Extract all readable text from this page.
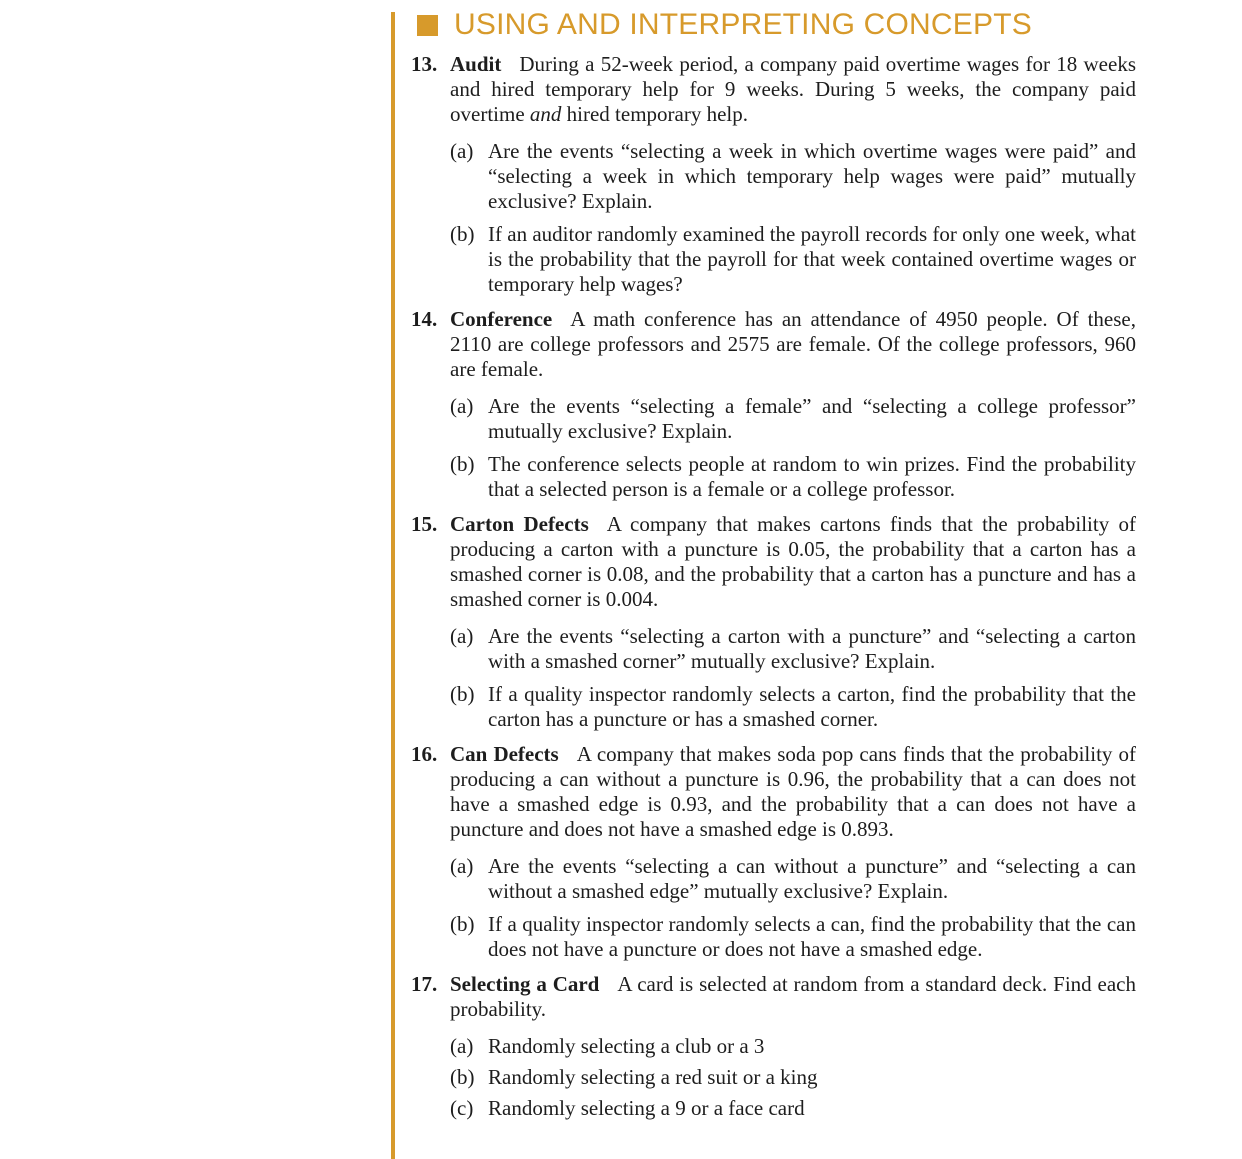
USING AND INTERPRETING CONCEPTS
13. Audit During a 52-week period, a company paid overtime wages for 18 weeks and hired temporary help for 9 weeks. During 5 weeks, the company paid overtime and hired temporary help.
(a) Are the events “selecting a week in which overtime wages were paid” and “selecting a week in which temporary help wages were paid” mutually exclusive? Explain.
(b) If an auditor randomly examined the payroll records for only one week, what is the probability that the payroll for that week contained overtime wages or temporary help wages?
14. Conference A math conference has an attendance of 4950 people. Of these, 2110 are college professors and 2575 are female. Of the college professors, 960 are female.
(a) Are the events “selecting a female” and “selecting a college professor” mutually exclusive? Explain.
(b) The conference selects people at random to win prizes. Find the probability that a selected person is a female or a college professor.
15. Carton Defects A company that makes cartons finds that the probability of producing a carton with a puncture is 0.05, the probability that a carton has a smashed corner is 0.08, and the probability that a carton has a puncture and has a smashed corner is 0.004.
(a) Are the events “selecting a carton with a puncture” and “selecting a carton with a smashed corner” mutually exclusive? Explain.
(b) If a quality inspector randomly selects a carton, find the probability that the carton has a puncture or has a smashed corner.
16. Can Defects A company that makes soda pop cans finds that the probability of producing a can without a puncture is 0.96, the probability that a can does not have a smashed edge is 0.93, and the probability that a can does not have a puncture and does not have a smashed edge is 0.893.
(a) Are the events “selecting a can without a puncture” and “selecting a can without a smashed edge” mutually exclusive? Explain.
(b) If a quality inspector randomly selects a can, find the probability that the can does not have a puncture or does not have a smashed edge.
17. Selecting a Card A card is selected at random from a standard deck. Find each probability.
(a) Randomly selecting a club or a 3
(b) Randomly selecting a red suit or a king
(c) Randomly selecting a 9 or a face card
